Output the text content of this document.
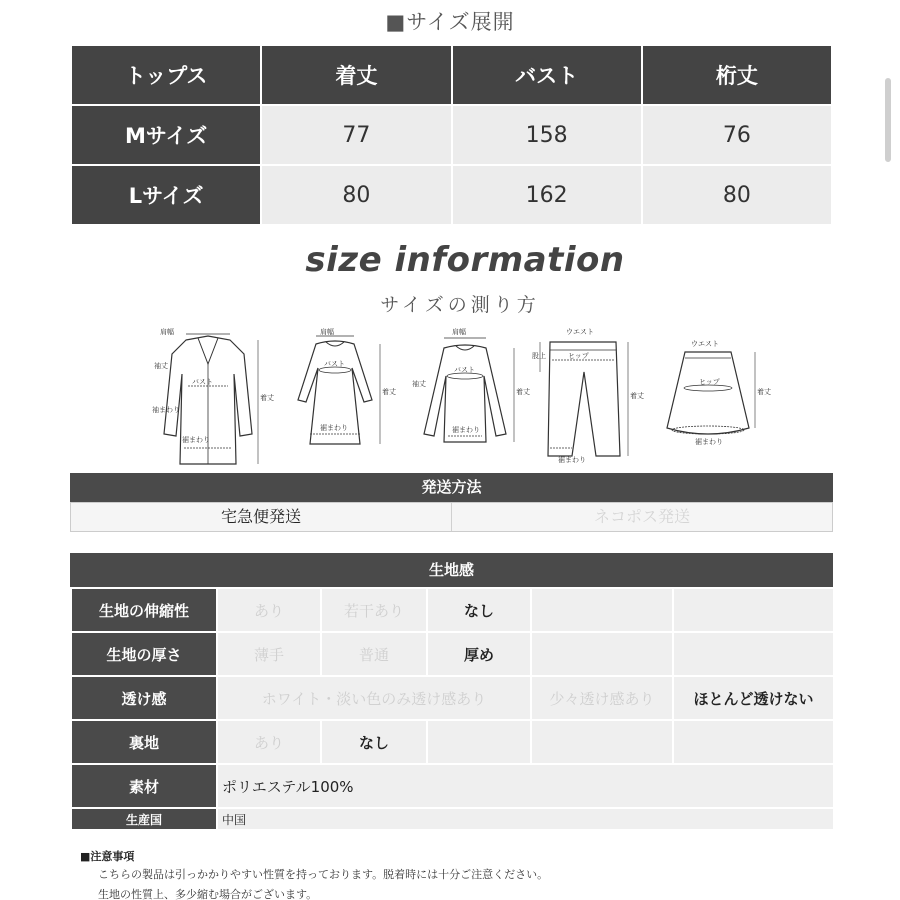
■サイズ展開
トップス	着丈	バスト	桁丈
Mサイズ	77	158	76
Lサイズ	80	162	80
size information
サイズの測り方
肩幅
袖丈
バスト
袖まわり
裾まわり
着丈
肩幅
バスト
裾まわり
着丈
肩幅
バスト
袖丈
裾まわり
着丈
ウエスト
股上	ヒップ
裾まわり
着丈
ウエスト
ヒップ
裾まわり
着丈
発送方法
宅急便発送	ネコポス発送
生地感
生地の伸縮性	あり	若干あり	なし		
生地の厚さ	薄手	普通	厚め		
透け感	ホワイト・淡い色のみ透け感あり			少々透け感あり	ほとんど透けない
裏地	あり	なし			
素材	ポリエステル100%				
生産国	中国				
■注意事項
こちらの製品は引っかかりやすい性質を持っております。脱着時には十分ご注意ください。
生地の性質上、多少縮む場合がございます。
